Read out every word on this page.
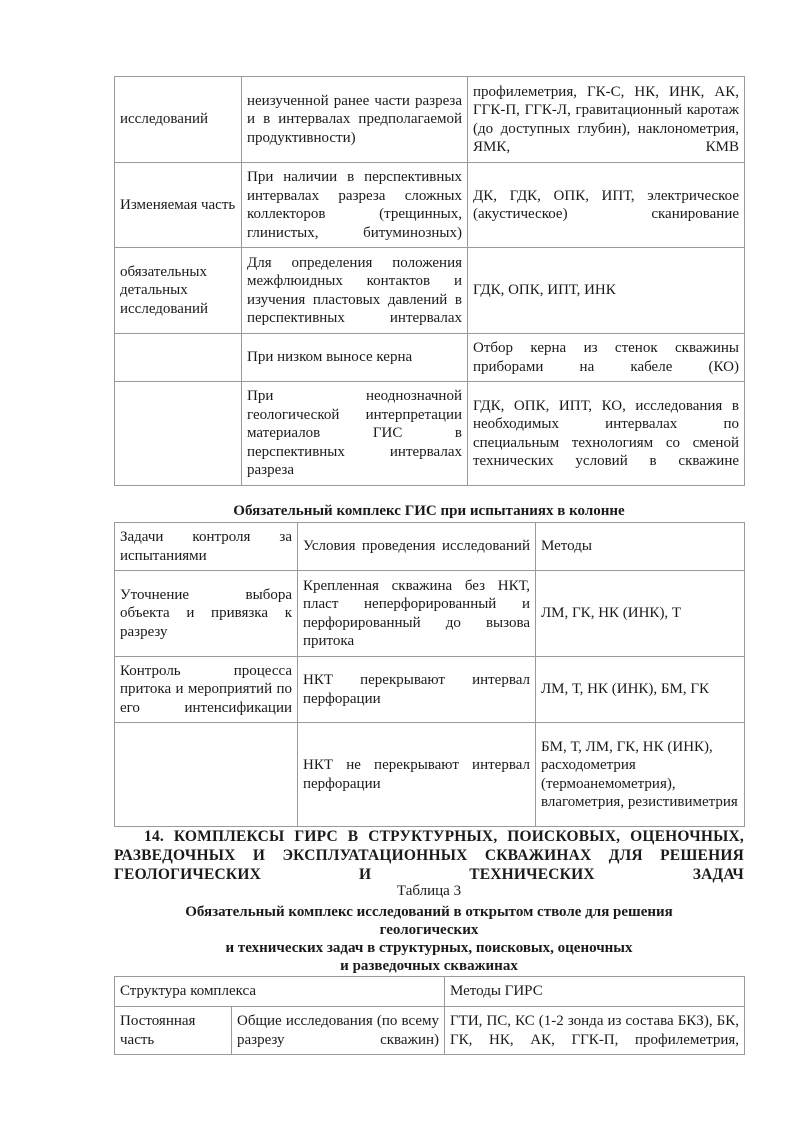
исследований	неизученной ранее части разреза и в интервалах предполагаемой продуктивности)	профилеметрия, ГК-С, НК, ИНК, АК, ГГК-П, ГГК-Л, гравитационный каротаж (до доступных глубин), наклонометрия, ЯМК, КМВ
Изменяемая часть	При наличии в перспективных интервалах разреза сложных коллекторов (трещинных, глинистых, битуминозных)	ДК, ГДК, ОПК, ИПТ, электрическое (акустическое) сканирование
обязательных детальных исследований	Для определения положения межфлюидных контактов и изучения пластовых давлений в перспективных интервалах	ГДК, ОПК, ИПТ, ИНК
	При низком выносе керна	Отбор керна из стенок скважины приборами на кабеле (КО)
	При неоднозначной геологической интерпретации материалов ГИС в перспективных интервалах разреза	ГДК, ОПК, ИПТ, КО, исследования в необходимых интервалах по специальным технологиям со сменой технических условий в скважине
Обязательный комплекс ГИС при испытаниях в колонне
Задачи контроля за испытаниями	Условия проведения исследований	Методы
Уточнение выбора объекта и привязка к разрезу	Крепленная скважина без НКТ, пласт неперфорированный и перфорированный до вызова притока	ЛМ, ГК, НК (ИНК), Т
Контроль процесса притока и мероприятий по его интенсификации	НКТ перекрывают интервал перфорации	ЛМ, Т, НК (ИНК), БМ, ГК
	НКТ не перекрывают интервал перфорации	БМ, Т, ЛМ, ГК, НК (ИНК), расходометрия (термоанемометрия), влагометрия, резистивиметрия
14. КОМПЛЕКСЫ ГИРС В СТРУКТУРНЫХ, ПОИСКОВЫХ, ОЦЕНОЧНЫХ, РАЗВЕДОЧНЫХ И ЭКСПЛУАТАЦИОННЫХ СКВАЖИНАХ ДЛЯ РЕШЕНИЯ ГЕОЛОГИЧЕСКИХ И ТЕХНИЧЕСКИХ ЗАДАЧ
Таблица 3
Обязательный комплекс исследований в открытом стволе для решения
геологических
и технических задач в структурных, поисковых, оценочных
и разведочных скважинах
Структура комплекса		Методы ГИРС
Постоянная часть	Общие исследования (по всему разрезу скважин)	ГТИ, ПС, КС (1-2 зонда из состава БКЗ), БК, ГК, НК, АК, ГГК-П, профилеметрия,
